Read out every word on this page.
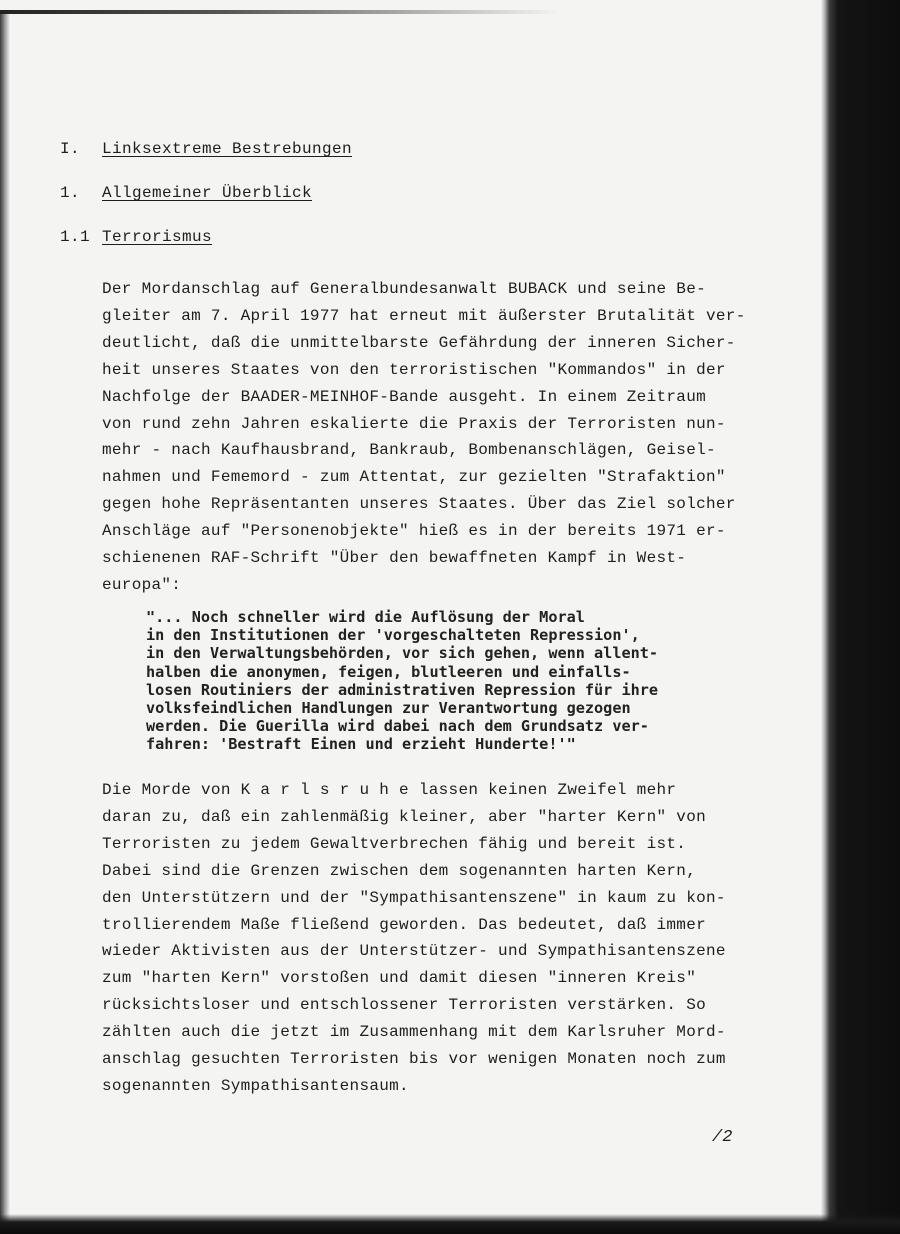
I. Linksextreme Bestrebungen
1. Allgemeiner Überblick
1.1 Terrorismus
Der Mordanschlag auf Generalbundesanwalt BUBACK und seine Be-
gleiter am 7. April 1977 hat erneut mit äußerster Brutalität ver-
deutlicht, daß die unmittelbarste Gefährdung der inneren Sicher-
heit unseres Staates von den terroristischen "Kommandos" in der
Nachfolge der BAADER-MEINHOF-Bande ausgeht. In einem Zeitraum
von rund zehn Jahren eskalierte die Praxis der Terroristen nun-
mehr - nach Kaufhausbrand, Bankraub, Bombenanschlägen, Geisel-
nahmen und Fememord - zum Attentat, zur gezielten "Strafaktion"
gegen hohe Repräsentanten unseres Staates. Über das Ziel solcher
Anschläge auf "Personenobjekte" hieß es in der bereits 1971 er-
schienenen RAF-Schrift "Über den bewaffneten Kampf in West-
europa":
"... Noch schneller wird die Auflösung der Moral
in den Institutionen der 'vorgeschalteten Repression',
in den Verwaltungsbehörden, vor sich gehen, wenn allent-
halben die anonymen, feigen, blutleeren und einfalls-
losen Routiniers der administrativen Repression für ihre
volksfeindlichen Handlungen zur Verantwortung gezogen
werden. Die Guerilla wird dabei nach dem Grundsatz ver-
fahren: 'Bestraft Einen und erzieht Hunderte!'"
Die Morde von K a r l s r u h e lassen keinen Zweifel mehr
daran zu, daß ein zahlenmäßig kleiner, aber "harter Kern" von
Terroristen zu jedem Gewaltverbrechen fähig und bereit ist.
Dabei sind die Grenzen zwischen dem sogenannten harten Kern,
den Unterstützern und der "Sympathisantenszene" in kaum zu kon-
trollierendem Maße fließend geworden. Das bedeutet, daß immer
wieder Aktivisten aus der Unterstützer- und Sympathisantenszene
zum "harten Kern" vorstoßen und damit diesen "inneren Kreis"
rücksichtsloser und entschlossener Terroristen verstärken. So
zählten auch die jetzt im Zusammenhang mit dem Karlsruher Mord-
anschlag gesuchten Terroristen bis vor wenigen Monaten noch zum
sogenannten Sympathisantensaum.
/2
